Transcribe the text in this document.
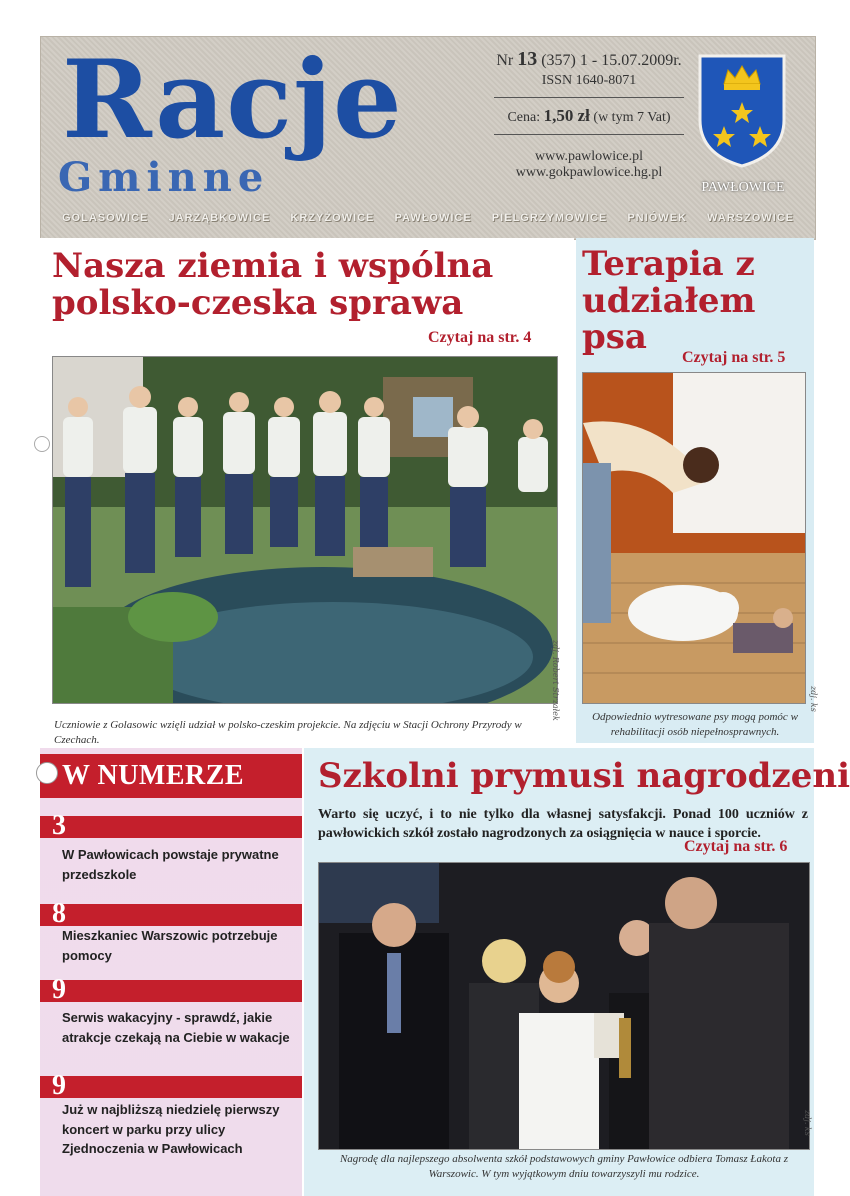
Racje
Gminne
Nr 13 (357) 1 - 15.07.2009r.
ISSN 1640-8071
Cena: 1,50 zł (w tym 7 Vat)
www.pawlowice.pl
www.gokpawlowice.hg.pl
PAWŁOWICE
GOLASOWICE JARZĄBKOWICE KRZYŻOWICE PAWŁOWICE PIELGRZYMOWICE PNIÓWEK WARSZOWICE
Nasza ziemia i wspólna polsko-czeska sprawa
Czytaj na str. 4
zdj. Robert Strzałek
Uczniowie z Golasowic wzięli udział w polsko-czeskim projekcie. Na zdjęciu w Stacji Ochrony Przyrody w Czechach.
Terapia z udziałem psa
Czytaj na str. 5
zdj. ks
Odpowiednio wytresowane psy mogą pomóc w rehabilitacji osób niepełnosprawnych.
W NUMERZE
3
W Pawłowicach powstaje prywatne przedszkole
8
Mieszkaniec Warszowic potrzebuje pomocy
9
Serwis wakacyjny - sprawdź, jakie atrakcje czekają na Ciebie w wakacje
9
Już w najbliższą niedzielę pierwszy koncert w parku przy ulicy Zjednoczenia w Pawłowicach
Szkolni prymusi nagrodzeni
Warto się uczyć, i to nie tylko dla własnej satysfakcji. Ponad 100 uczniów z pawłowickich szkół zostało nagrodzonych za osiągnięcia w nauce i sporcie.
Czytaj na str. 6
zdj. ks
Nagrodę dla najlepszego absolwenta szkół podstawowych gminy Pawłowice odbiera Tomasz Łakota z Warszowic. W tym wyjątkowym dniu towarzyszyli mu rodzice.
